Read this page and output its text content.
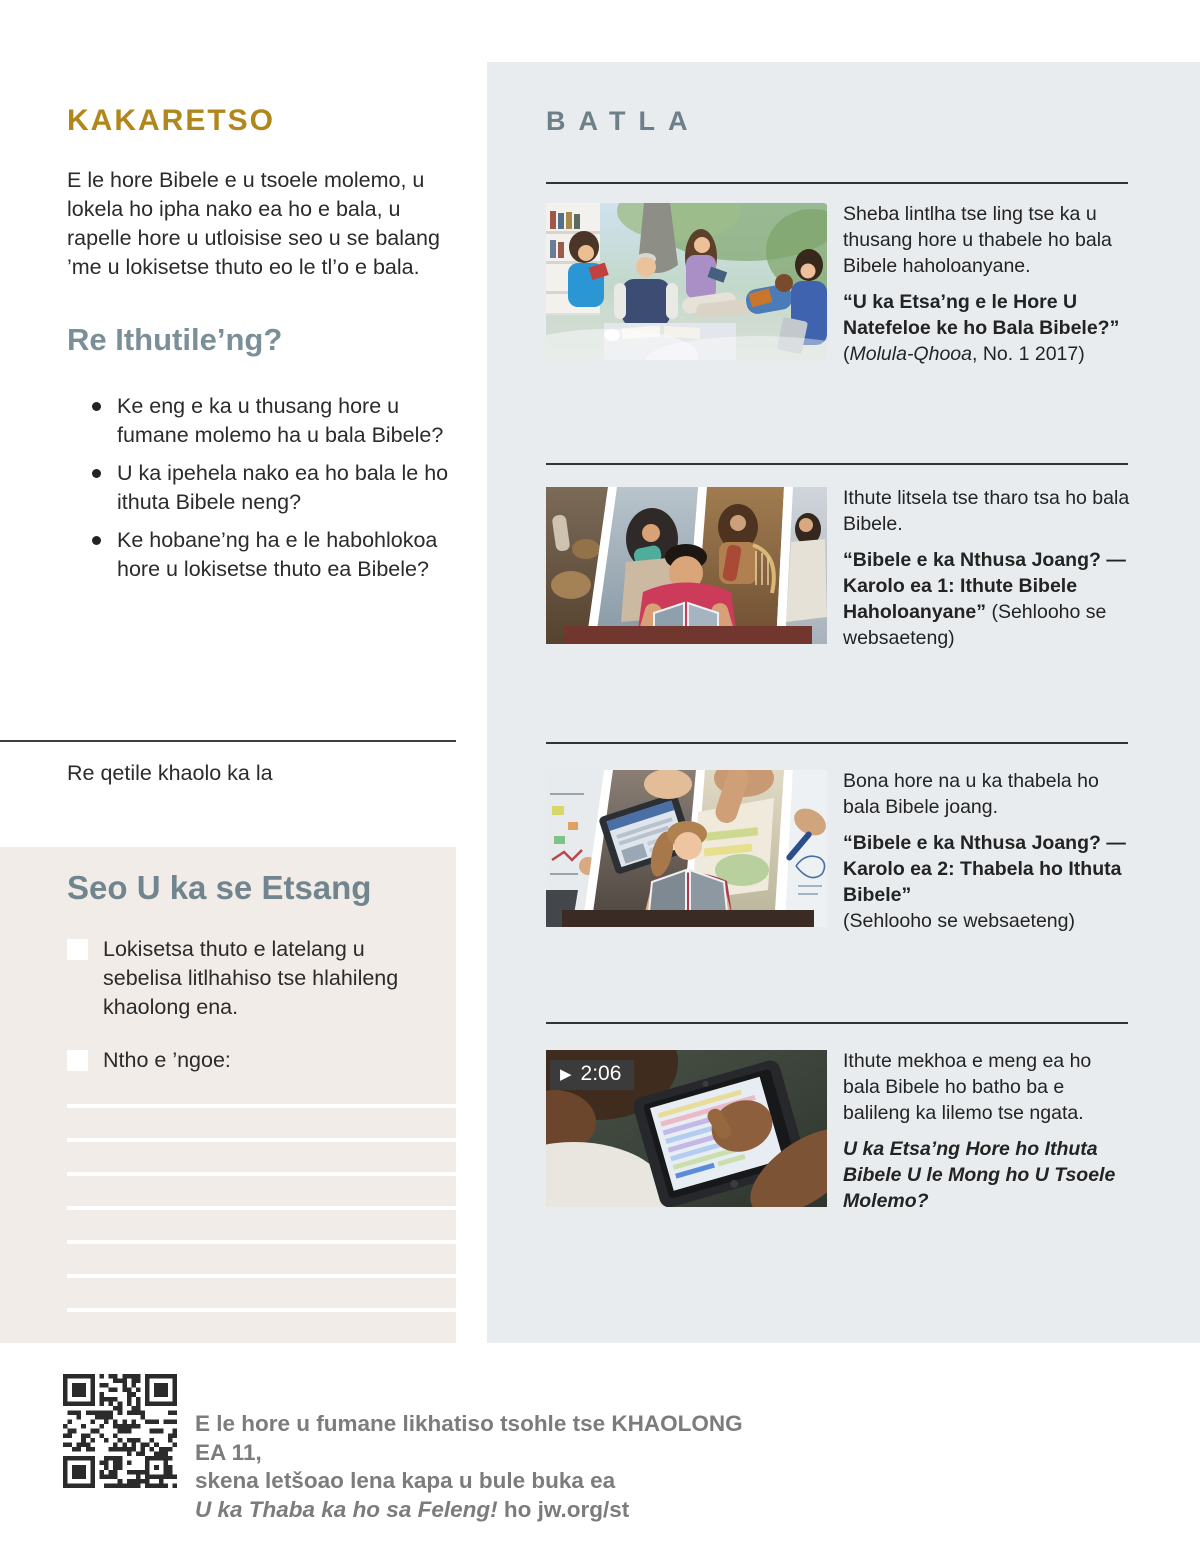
KAKARETSO

E le hore Bibele e u tsoele molemo, u lokela ho ipha nako ea ho e bala, u rapelle hore u utloisise seo u se balang ’me u lokisetse thuto eo le tl’o e bala.

Re Ithutile’ng?
Ke eng e ka u thusang hore u fumane molemo ha u bala Bibele?
U ka ipehela nako ea ho bala le ho ithuta Bibele neng?
Ke hobane’ng ha e le habohlokoa hore u lokisetse thuto ea Bibele?

Re qetile khaolo ka la

Seo U ka se Etsang
Lokisetsa thuto e latelang u sebelisa litlhahiso tse hlahileng khaolong ena.
Ntho e ’ngoe:
BATLA

Sheba lintlha tse ling tse ka u thusang hore u thabele ho bala Bibele haholoanyane.

“U ka Etsa’ng e le Hore U Natefeloe ke ho Bala Bibele?”

(Molula-Qhooa, No. 1 2017)

Ithute litsela tse tharo tsa ho bala Bibele.

“Bibele e ka Nthusa Joang? —Karolo ea 1: Ithute Bibele Haholoanyane” (Sehlooho se websaeteng)

Bona hore na u ka thabela ho bala Bibele joang.

“Bibele e ka Nthusa Joang? —Karolo ea 2: Thabela ho Ithuta Bibele”

(Sehlooho se websaeteng)

▶ 2:06

Ithute mekhoa e meng ea ho bala Bibele ho batho ba e balileng ka lilemo tse ngata.

U ka Etsa’ng Hore ho Ithuta Bibele U le Mong ho U Tsoele Molemo?

E le hore u fumane likhatiso tsohle tse KHAOLONG EA 11,

skena letšoao lena kapa u bule buka ea

U ka Thaba ka ho sa Feleng! ho jw.org/st
